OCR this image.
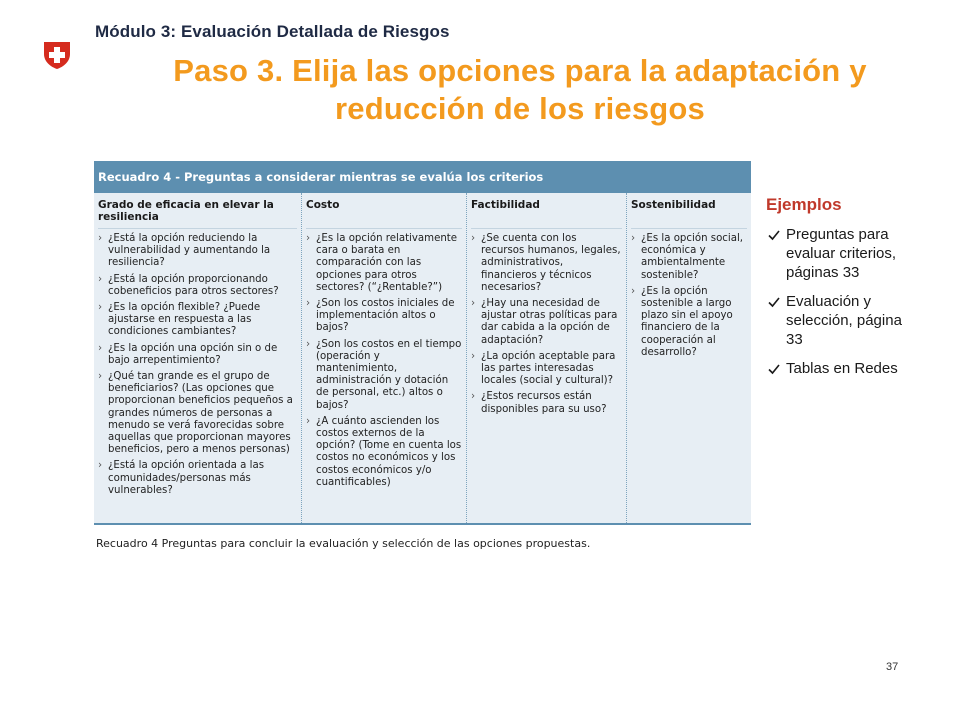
Módulo 3: Evaluación Detallada de Riesgos
Paso 3. Elija las opciones para la adaptación y
reducción de los riesgos
Recuadro 4 - Preguntas a considerar mientras se evalúa los criterios
Grado de eficacia en elevar la resiliencia
› ¿Está la opción reduciendo la vulnerabilidad y aumentando la resiliencia?
› ¿Está la opción proporcionando cobeneficios para otros sectores?
› ¿Es la opción flexible? ¿Puede ajustarse en respuesta a las condiciones cambiantes?
› ¿Es la opción una opción sin o de bajo arrepentimiento?
› ¿Qué tan grande es el grupo de beneficiarios? (Las opciones que proporcionan beneficios pequeños a grandes números de personas a menudo se verá favorecidas sobre aquellas que proporcionan mayores beneficios, pero a menos personas)
› ¿Está la opción orientada a las comunidades/personas más vulnerables?
Costo
› ¿Es la opción relativamente cara o barata en comparación con las opciones para otros sectores? (“¿Rentable?”)
› ¿Son los costos iniciales de implementación altos o bajos?
› ¿Son los costos en el tiempo (operación y mantenimiento, administración y dotación de personal, etc.) altos o bajos?
› ¿A cuánto ascienden los costos externos de la opción? (Tome en cuenta los costos no económicos y los costos económicos y/o cuantificables)
Factibilidad
› ¿Se cuenta con los recursos humanos, legales, administrativos, financieros y técnicos necesarios?
› ¿Hay una necesidad de ajustar otras políticas para dar cabida a la opción de adaptación?
› ¿La opción aceptable para las partes interesadas locales (social y cultural)?
› ¿Estos recursos están disponibles para su uso?
Sostenibilidad
› ¿Es la opción social, económica y ambientalmente sostenible?
› ¿Es la opción sostenible a largo plazo sin el apoyo financiero de la cooperación al desarrollo?
Recuadro 4 Preguntas para concluir la evaluación y selección de las opciones propuestas.
Ejemplos
Preguntas para evaluar criterios, páginas 33
Evaluación y selección, página 33
Tablas en Redes
37
